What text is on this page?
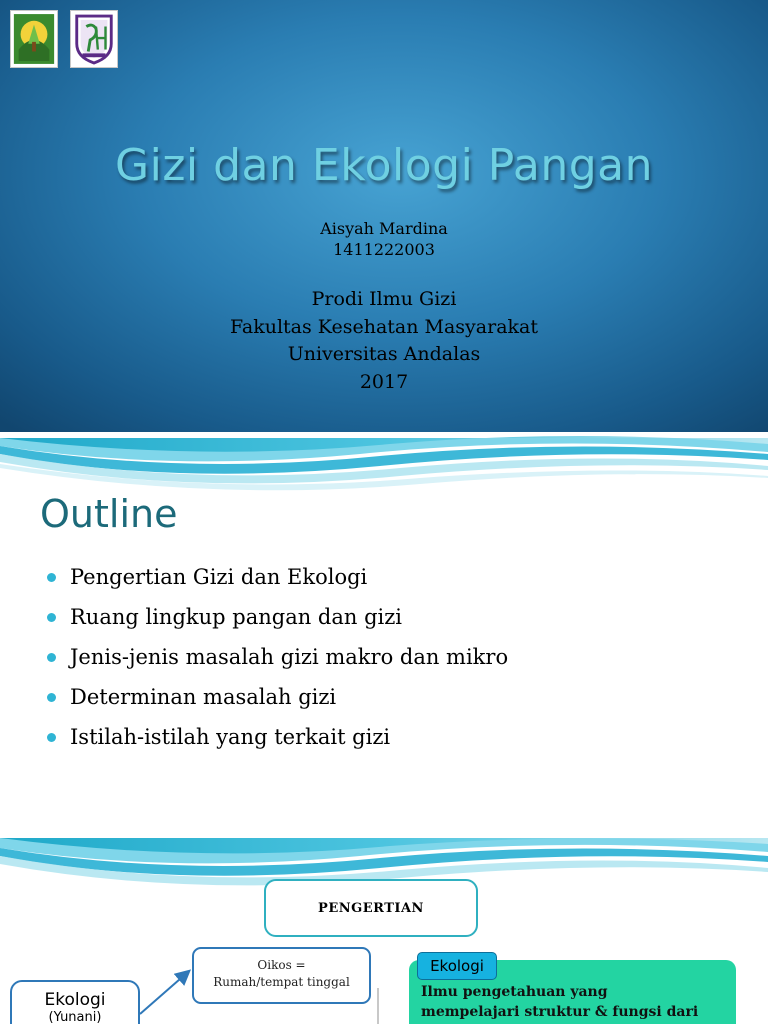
Gizi dan Ekologi Pangan
Aisyah Mardina
1411222003
Prodi Ilmu Gizi
Fakultas Kesehatan Masyarakat
Universitas Andalas
2017
Outline
Pengertian Gizi dan Ekologi
Ruang lingkup pangan dan gizi
Jenis-jenis masalah gizi makro dan mikro
Determinan masalah gizi
Istilah-istilah yang terkait gizi
PENGERTIAN
Oikos =
Rumah/tempat tinggal
Ekologi
(Yunani)
Ilmu pengetahuan yang
mempelajari struktur & fungsi dari
Ekologi
